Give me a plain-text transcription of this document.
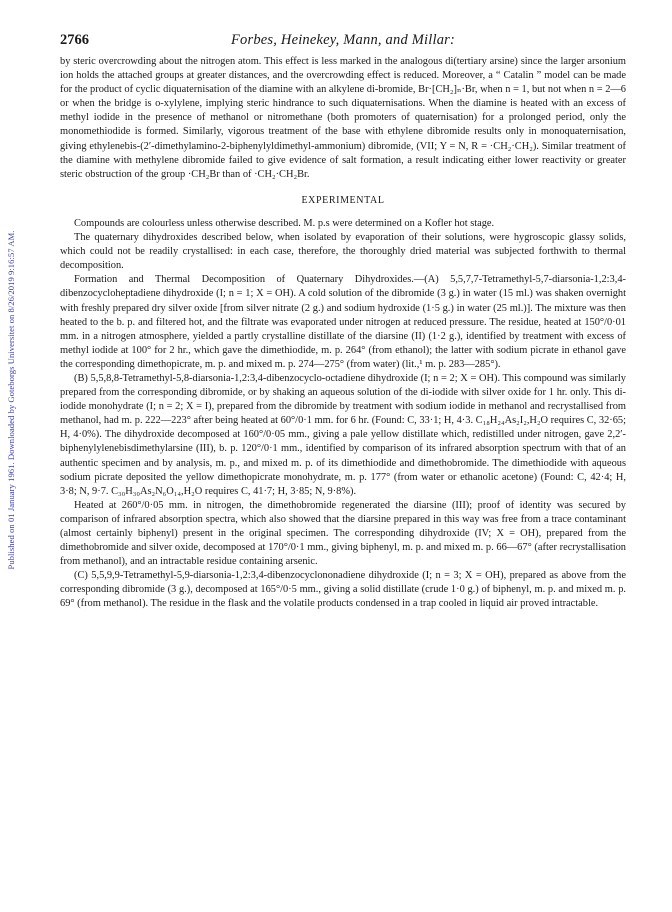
Published on 01 January 1961. Downloaded by Goteborgs Universitet on 8/26/2019 9:16:57 AM.
2766	Forbes, Heinekey, Mann, and Millar:

by steric overcrowding about the nitrogen atom. This effect is less marked in the analogous di(tertiary arsine) since the larger arsonium ion holds the attached groups at greater distances, and the overcrowding effect is reduced. Moreover, a “ Catalin ” model can be made for the product of cyclic diquaternisation of the diamine with an alkylene di-bromide, Br·[CH₂]ₙ·Br, when n = 1, but not when n = 2—6 or when the bridge is o-xylylene, implying steric hindrance to such diquaternisations. When the diamine is heated with an excess of methyl iodide in the presence of methanol or nitromethane (both promoters of quaternisation) for a prolonged period, only the monomethiodide is formed. Similarly, vigorous treatment of the base with ethylene dibromide results only in monoquaternisation, giving ethylenebis-(2′-dimethylamino-2-biphenylyldimethyl-ammonium) dibromide, (VII; Y = N, R = ·CH₂·CH₂). Similar treatment of the diamine with methylene dibromide failed to give evidence of salt formation, a result indicating either lower reactivity or greater steric obstruction of the group ·CH₂Br than of ·CH₂·CH₂Br.

EXPERIMENTAL

Compounds are colourless unless otherwise described. M. p.s were determined on a Kofler hot stage.

The quaternary dihydroxides described below, when isolated by evaporation of their solutions, were hygroscopic glassy solids, which could not be readily crystallised: in each case, therefore, the thoroughly dried material was subjected forthwith to thermal decomposition.

Formation and Thermal Decomposition of Quaternary Dihydroxides.—(A) 5,5,7,7-Tetramethyl-5,7-diarsonia-1,2:3,4-dibenzocycloheptadiene dihydroxide (I; n = 1; X = OH). A cold solution of the dibromide (3 g.) in water (15 ml.) was shaken overnight with freshly prepared dry silver oxide [from silver nitrate (2 g.) and sodium hydroxide (1·5 g.) in water (25 ml.)]. The mixture was then heated to the b. p. and filtered hot, and the filtrate was evaporated under nitrogen at reduced pressure. The residue, heated at 150°/0·01 mm. in a nitrogen atmosphere, yielded a partly crystalline distillate of the diarsine (II) (1·2 g.), identified by treatment with excess of methyl iodide at 100° for 2 hr., which gave the dimethiodide, m. p. 264° (from ethanol); the latter with sodium picrate in ethanol gave the corresponding dimethopicrate, m. p. and mixed m. p. 274—275° (from water) (lit.,¹ m. p. 283—285°).

(B) 5,5,8,8-Tetramethyl-5,8-diarsonia-1,2:3,4-dibenzocyclo-octadiene dihydroxide (I; n = 2; X = OH). This compound was similarly prepared from the corresponding dibromide, or by shaking an aqueous solution of the di-iodide with silver oxide for 1 hr. only. This di-iodide monohydrate (I; n = 2; X = I), prepared from the dibromide by treatment with sodium iodide in methanol and recrystallised from methanol, had m. p. 222—223° after being heated at 60°/0·1 mm. for 6 hr. (Found: C, 33·1; H, 4·3. C₁₈H₂₄As₂I₂,H₂O requires C, 32·65; H, 4·0%). The dihydroxide decomposed at 160°/0·05 mm., giving a pale yellow distillate which, redistilled under nitrogen, gave 2,2′-biphenylylenebisdimethylarsine (III), b. p. 120°/0·1 mm., identified by comparison of its infrared absorption spectrum with that of an authentic specimen and by analysis, m. p., and mixed m. p. of its dimethiodide and dimethobromide. The dimethiodide with aqueous sodium picrate deposited the yellow dimethopicrate monohydrate, m. p. 177° (from water or ethanolic acetone) (Found: C, 42·4; H, 3·8; N, 9·7. C₃₀H₃₀As₂N₆O₁₄,H₂O requires C, 41·7; H, 3·85; N, 9·8%).

Heated at 260°/0·05 mm. in nitrogen, the dimethobromide regenerated the diarsine (III); proof of identity was secured by comparison of infrared absorption spectra, which also showed that the diarsine prepared in this way was free from a trace contaminant (almost certainly biphenyl) present in the original specimen. The corresponding dihydroxide (IV; X = OH), prepared from the dimethobromide and silver oxide, decomposed at 170°/0·1 mm., giving biphenyl, m. p. and mixed m. p. 66—67° (after recrystallisation from methanol), and an intractable residue containing arsenic.

(C) 5,5,9,9-Tetramethyl-5,9-diarsonia-1,2:3,4-dibenzocyclononadiene dihydroxide (I; n = 3; X = OH), prepared as above from the corresponding dibromide (3 g.), decomposed at 165°/0·5 mm., giving a solid distillate (crude 1·0 g.) of biphenyl, m. p. and mixed m. p. 69° (from methanol). The residue in the flask and the volatile products condensed in a trap cooled in liquid air proved intractable.
